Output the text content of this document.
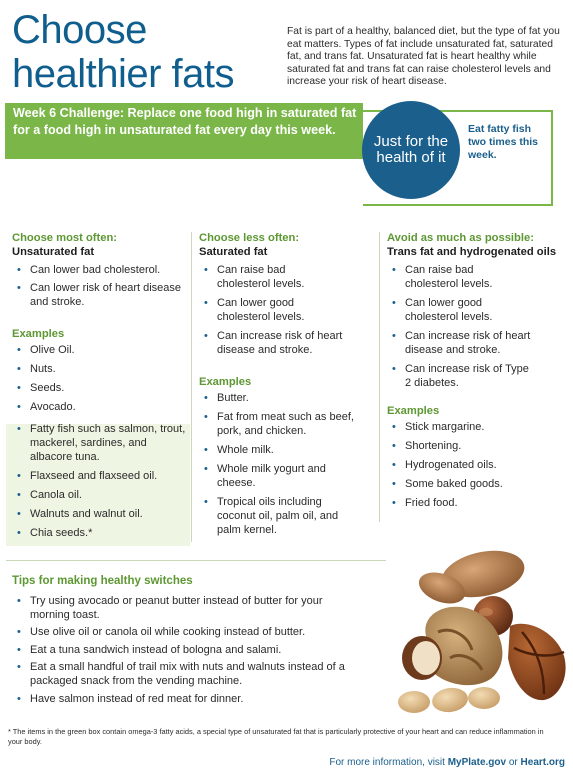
Choose healthier fats
Fat is part of a healthy, balanced diet, but the type of fat you eat matters. Types of fat include unsaturated fat, saturated fat, and trans fat. Unsaturated fat is heart healthy while saturated fat and trans fat can raise cholesterol levels and increase your risk of heart disease.
Week 6 Challenge: Replace one food high in saturated fat for a food high in unsaturated fat every day this week.
Just for the health of it
Eat fatty fish two times this week.
Choose most often:
Unsaturated fat
• Can lower bad cholesterol.
• Can lower risk of heart disease and stroke.
Examples
• Olive Oil.
• Nuts.
• Seeds.
• Avocado.
• Fatty fish such as salmon, trout, mackerel, sardines, and albacore tuna.
• Flaxseed and flaxseed oil.
• Canola oil.
• Walnuts and walnut oil.
• Chia seeds.*
Choose less often:
Saturated fat
• Can raise bad cholesterol levels.
• Can lower good cholesterol levels.
• Can increase risk of heart disease and stroke.
Examples
• Butter.
• Fat from meat such as beef, pork, and chicken.
• Whole milk.
• Whole milk yogurt and cheese.
• Tropical oils including coconut oil, palm oil, and palm kernel.
Avoid as much as possible:
Trans fat and hydrogenated oils
• Can raise bad cholesterol levels.
• Can lower good cholesterol levels.
• Can increase risk of heart disease and stroke.
• Can increase risk of Type 2 diabetes.
Examples
• Stick margarine.
• Shortening.
• Hydrogenated oils.
• Some baked goods.
• Fried food.
Tips for making healthy switches
• Try using avocado or peanut butter instead of butter for your morning toast.
• Use olive oil or canola oil while cooking instead of butter.
• Eat a tuna sandwich instead of bologna and salami.
• Eat a small handful of trail mix with nuts and walnuts instead of a packaged snack from the vending machine.
• Have salmon instead of red meat for dinner.
* The items in the green box contain omega-3 fatty acids, a special type of unsaturated fat that is particularly protective of your heart and can reduce inflammation in your body.
For more information, visit MyPlate.gov or Heart.org
